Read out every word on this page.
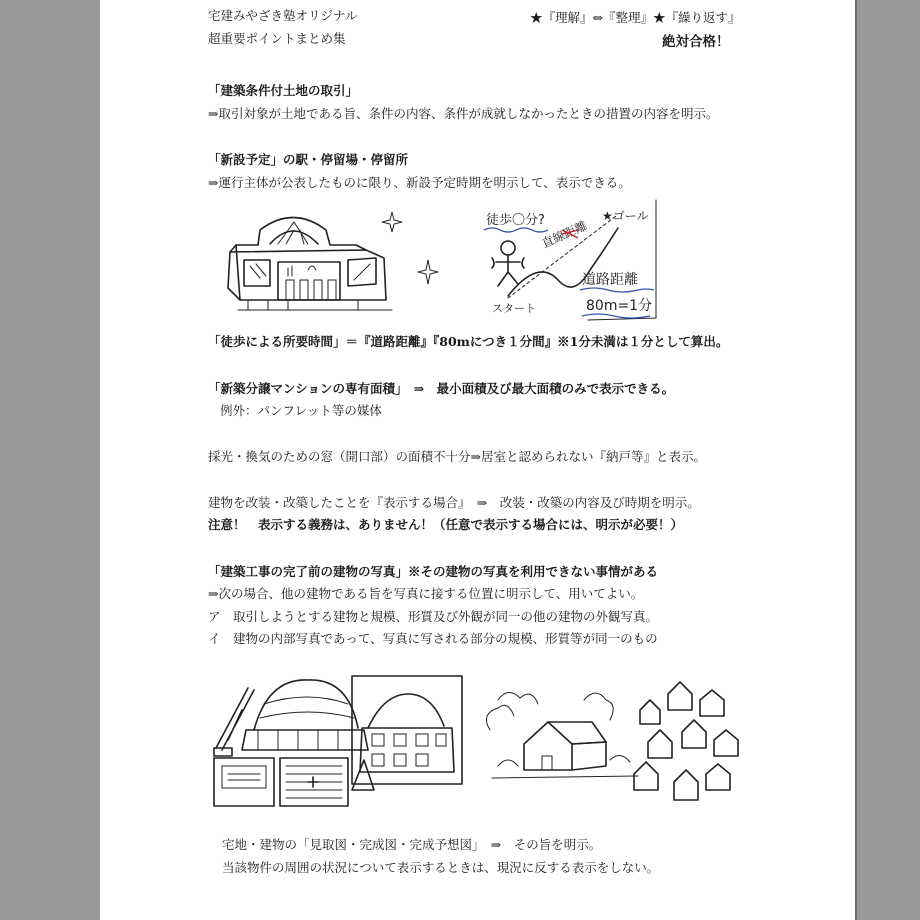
宅建みやざき塾オリジナル
超重要ポイントまとめ集
★『理解』⇔『整理』★『繰り返す』
絶対合格！
「建築条件付土地の取引」
⇒取引対象が土地である旨、条件の内容、条件が成就しなかったときの措置の内容を明示。
「新設予定」の駅・停留場・停留所
⇒運行主体が公表したものに限り、新設予定時期を明示して、表示できる。
徒歩〇分?
直線距離
★ゴール
スタート
道路距離
80m=1分
「徒歩による所要時間」＝『道路距離』『80mにつき１分間』※1分未満は１分として算出。
「新築分譲マンションの専有面積」　⇒　最小面積及び最大面積のみで表示できる。
例外：パンフレット等の媒体
採光・換気のための窓（開口部）の面積不十分⇒居室と認められない『納戸等』と表示。
建物を改装・改築したことを『表示する場合』　⇒　改装・改築の内容及び時期を明示。
注意！　表示する義務は、ありません！（任意で表示する場合には、明示が必要！）
「建築工事の完了前の建物の写真」※その建物の写真を利用できない事情がある
⇒次の場合、他の建物である旨を写真に接する位置に明示して、用いてよい。
ア　取引しようとする建物と規模、形質及び外観が同一の他の建物の外観写真。
イ　建物の内部写真であって、写真に写される部分の規模、形質等が同一のもの
宅地・建物の「見取図・完成図・完成予想図」　⇒　その旨を明示。
当該物件の周囲の状況について表示するときは、現況に反する表示をしない。
